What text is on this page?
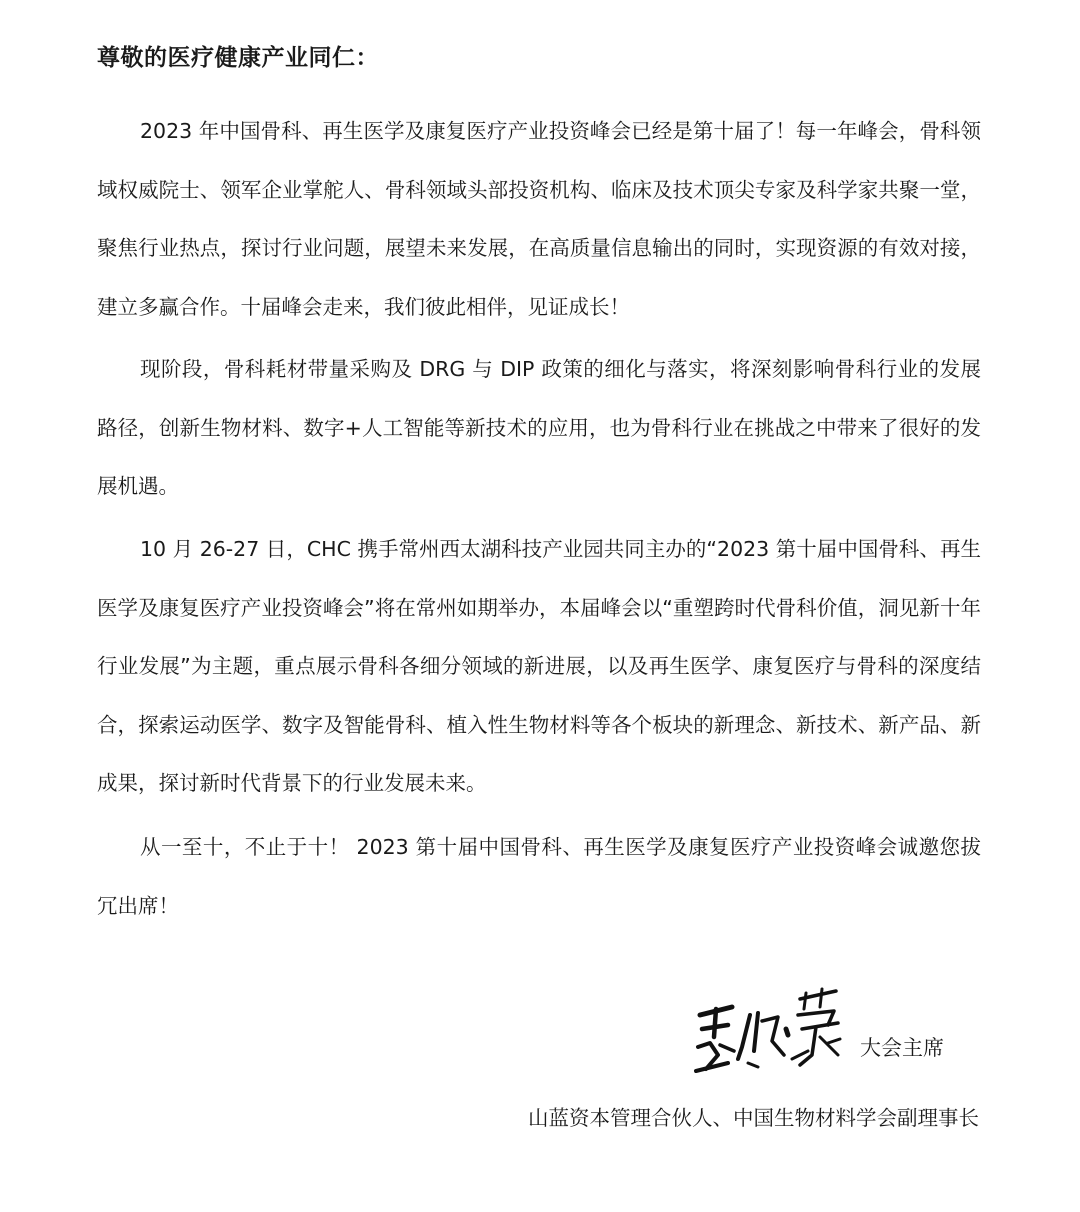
尊敬的医疗健康产业同仁：

2023 年中国骨科、再生医学及康复医疗产业投资峰会已经是第十届了！每一年峰会，骨科领域权威院士、领军企业掌舵人、骨科领域头部投资机构、临床及技术顶尖专家及科学家共聚一堂，聚焦行业热点，探讨行业问题，展望未来发展，在高质量信息输出的同时，实现资源的有效对接，建立多赢合作。十届峰会走来，我们彼此相伴，见证成长！

现阶段，骨科耗材带量采购及 DRG 与 DIP 政策的细化与落实，将深刻影响骨科行业的发展路径，创新生物材料、数字+人工智能等新技术的应用，也为骨科行业在挑战之中带来了很好的发展机遇。

10 月 26-27 日，CHC 携手常州西太湖科技产业园共同主办的“2023 第十届中国骨科、再生医学及康复医疗产业投资峰会”将在常州如期举办，本届峰会以“重塑跨时代骨科价值，洞见新十年行业发展”为主题，重点展示骨科各细分领域的新进展，以及再生医学、康复医疗与骨科的深度结合，探索运动医学、数字及智能骨科、植入性生物材料等各个板块的新理念、新技术、新产品、新成果，探讨新时代背景下的行业发展未来。

从一至十，不止于十！ 2023 第十届中国骨科、再生医学及康复医疗产业投资峰会诚邀您拔冗出席！

大会主席
山蓝资本管理合伙人、中国生物材料学会副理事长
